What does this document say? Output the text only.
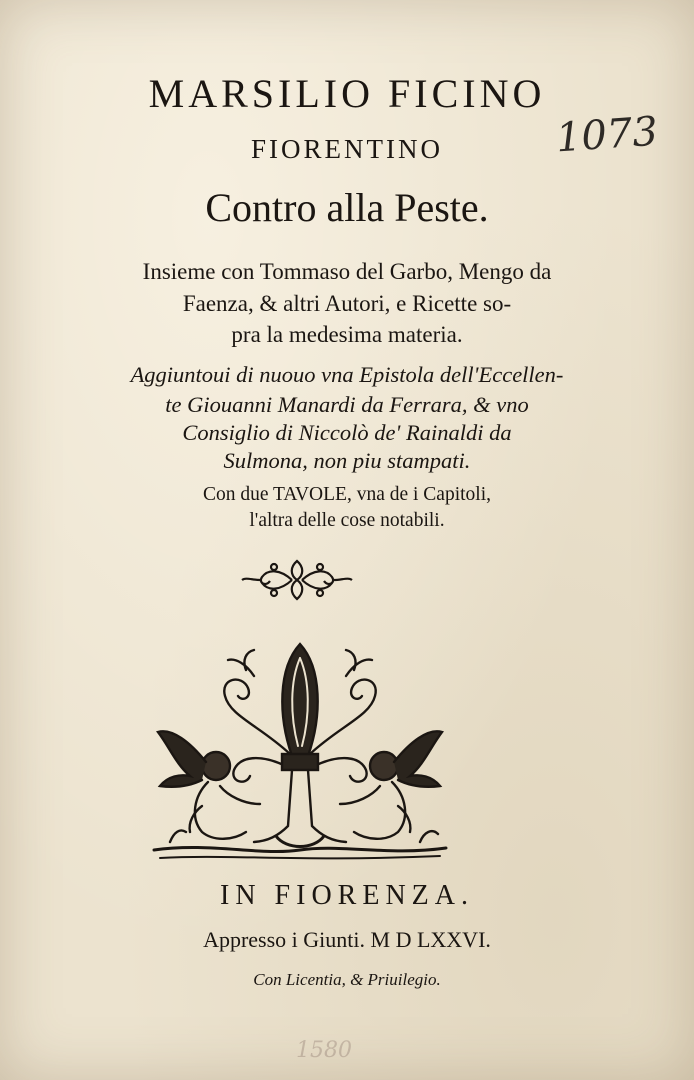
MARSILIO FICINO
FIORENTINO
Contro alla Peste.
Insieme con Tommaso del Garbo, Mengo da
Faenza, & altri Autori, e Ricette so-
pra la medesima materia.
Aggiuntoui di nuouo vna Epistola dell'Eccellen-
te Giouanni Manardi da Ferrara, & vno
Consiglio di Niccolò de' Rainaldi da
Sulmona, non piu stampati.
Con due TAVOLE, vna de i Capitoli,
l'altra delle cose notabili.
IN FIORENZA.
Appresso i Giunti. M D LXXVI.
Con Licentia, & Priuilegio.
1073
1580
